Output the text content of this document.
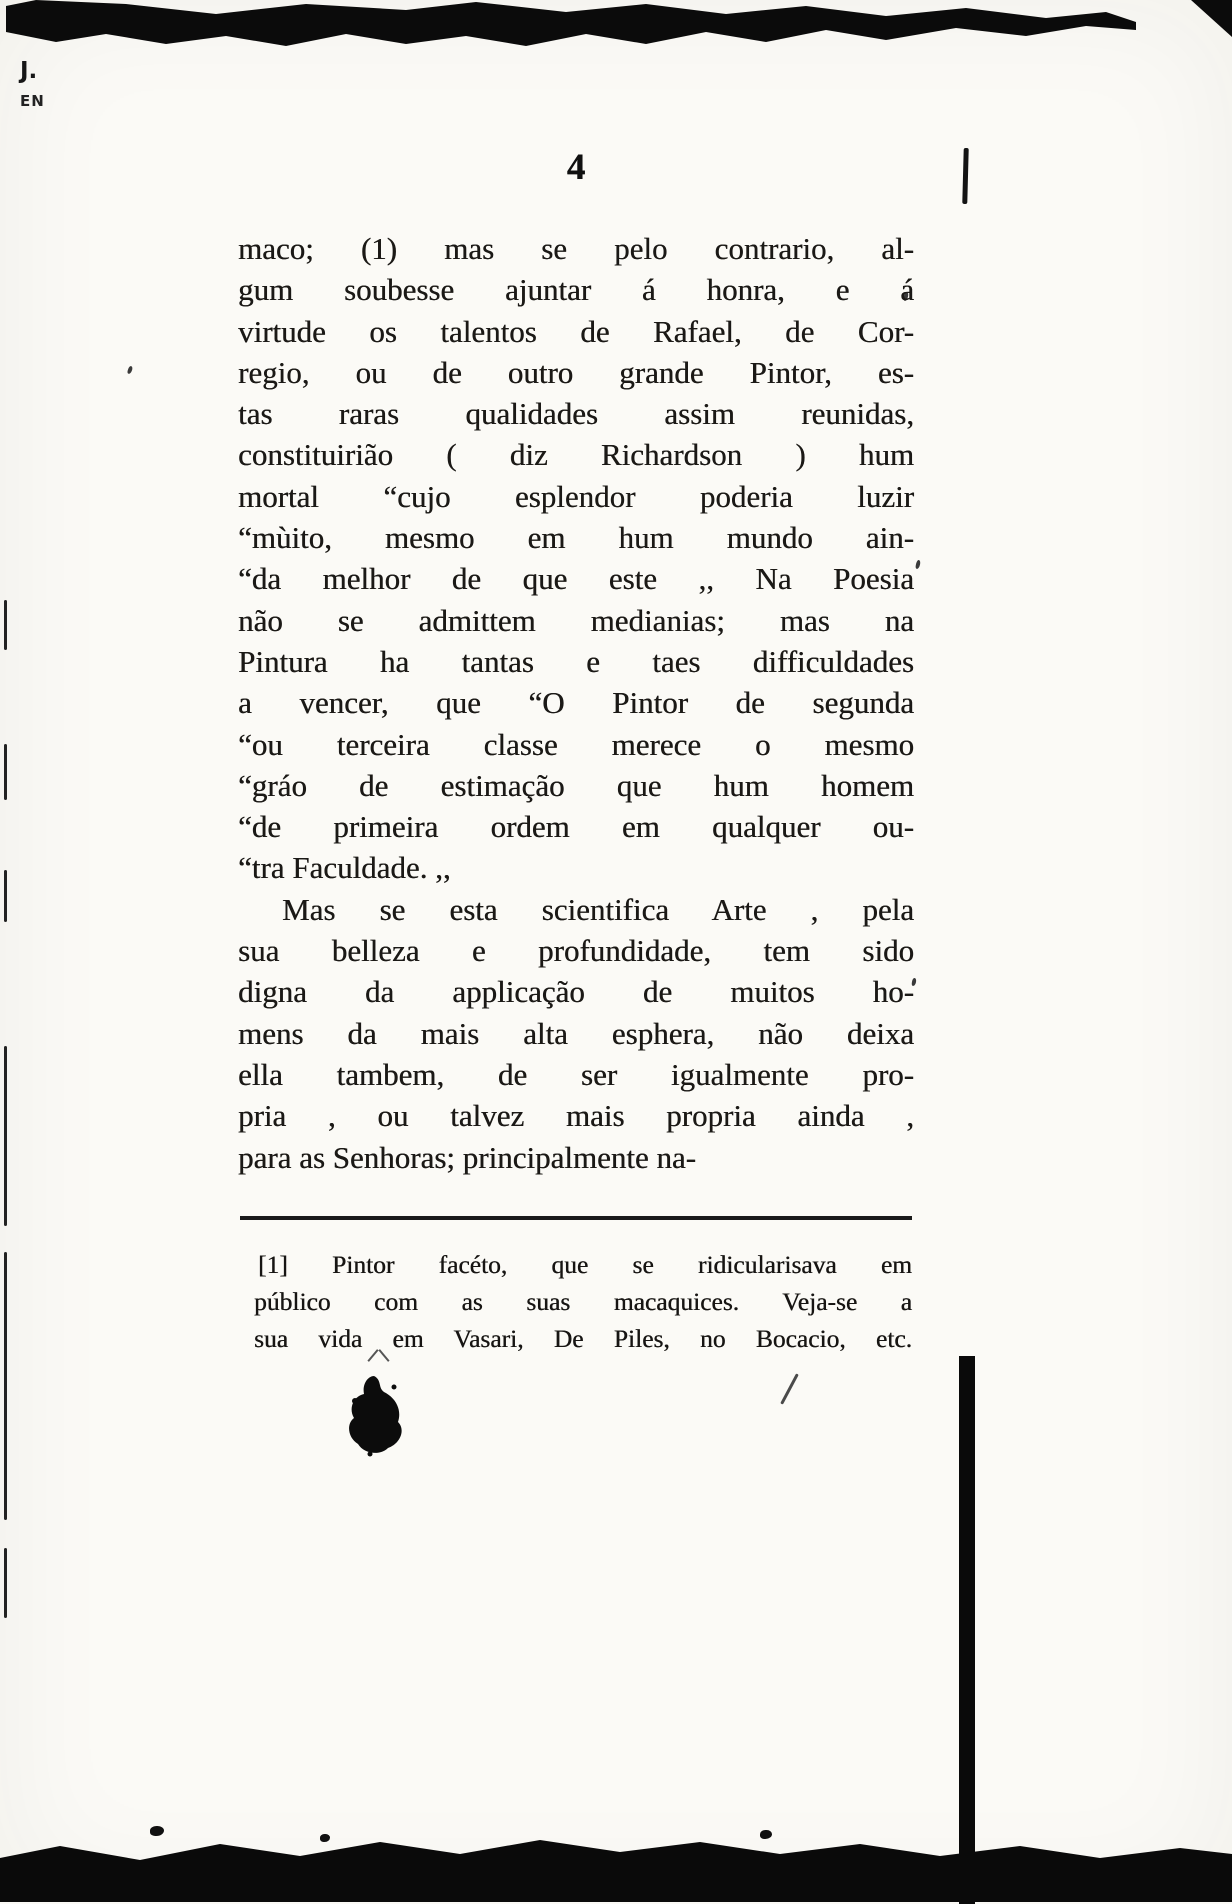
J.
EN
4
maco; (1) mas se pelo contrario, al-
gum soubesse ajuntar á honra, e á
virtude os talentos de Rafael, de Cor-
regio, ou de outro grande Pintor, es-
tas raras qualidades assim reunidas,
constituirião ( diz Richardson ) hum
mortal “cujo esplendor poderia luzir
“mùito, mesmo em hum mundo ain-
“da melhor de que este ,, Na Poesia
não se admittem medianias; mas na
Pintura ha tantas e taes difficuldades
a vencer, que “O Pintor de segunda
“ou terceira classe merece o mesmo
“gráo de estimação que hum homem
“de primeira ordem em qualquer ou-
“tra Faculdade. ,,
Mas se esta scientifica Arte , pela
sua belleza e profundidade, tem sido
digna da applicação de muitos ho-
mens da mais alta esphera, não deixa
ella tambem, de ser igualmente pro-
pria , ou talvez mais propria ainda ,
para as Senhoras; principalmente na-
[1] Pintor facéto, que se ridicularisava em
público com as suas macaquices. Veja-se a
sua vida em Vasari, De Piles, no Bocacio, etc.
